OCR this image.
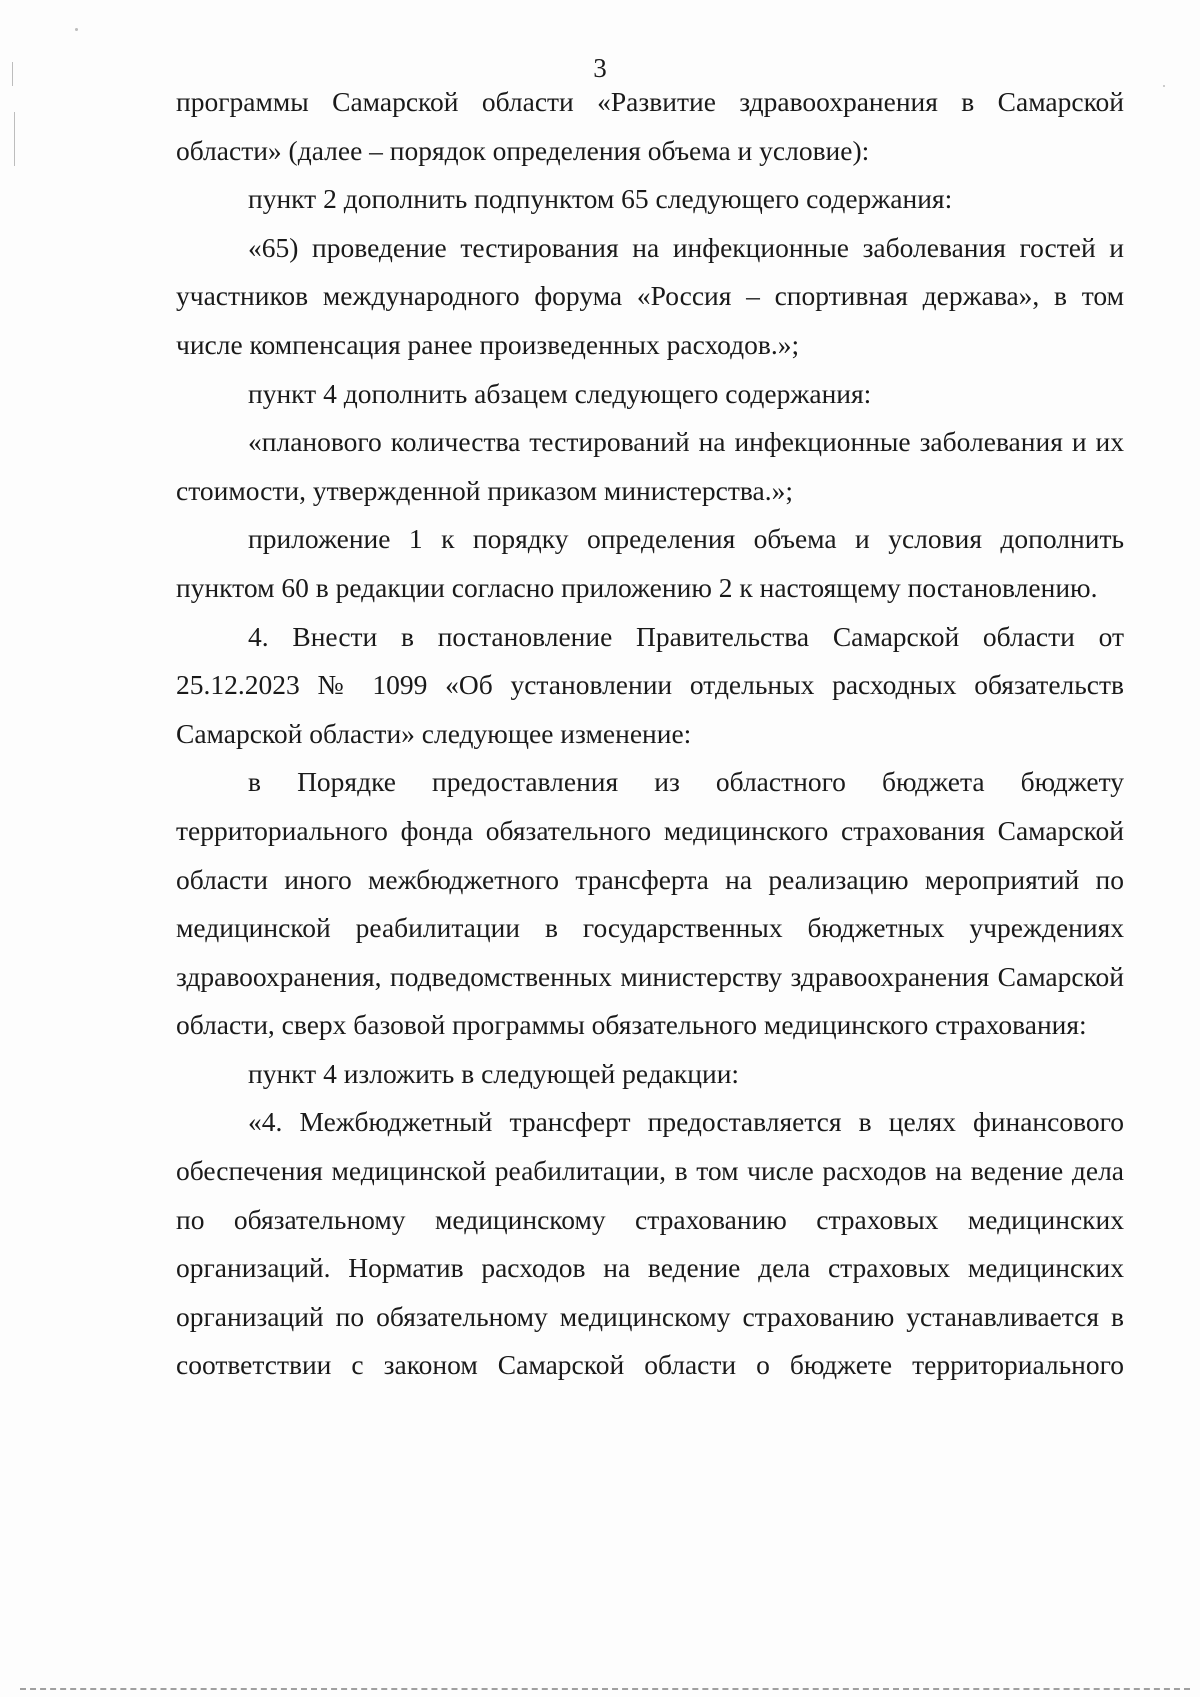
3

программы Самарской области «Развитие здравоохранения в Самарской области» (далее – порядок определения объема и условие):

пункт 2 дополнить подпунктом 65 следующего содержания:

«65) проведение тестирования на инфекционные заболевания гостей и участников международного форума «Россия – спортивная держава», в том числе компенсация ранее произведенных расходов.»;

пункт 4 дополнить абзацем следующего содержания:

«планового количества тестирований на инфекционные заболевания и их стоимости, утвержденной приказом министерства.»;

приложение 1 к порядку определения объема и условия дополнить пунктом 60 в редакции согласно приложению 2 к настоящему постановлению.

4. Внести в постановление Правительства Самарской области от 25.12.2023 № 1099 «Об установлении отдельных расходных обязательств Самарской области» следующее изменение:

в Порядке предоставления из областного бюджета бюджету территориального фонда обязательного медицинского страхования Самарской области иного межбюджетного трансферта на реализацию мероприятий по медицинской реабилитации в государственных бюджетных учреждениях здравоохранения, подведомственных министерству здравоохранения Самарской области, сверх базовой программы обязательного медицинского страхования:

пункт 4 изложить в следующей редакции:

«4. Межбюджетный трансферт предоставляется в целях финансового обеспечения медицинской реабилитации, в том числе расходов на ведение дела по обязательному медицинскому страхованию страховых медицинских организаций. Норматив расходов на ведение дела страховых медицинских организаций по обязательному медицинскому страхованию устанавливается в соответствии с законом Самарской области о бюджете территориального
